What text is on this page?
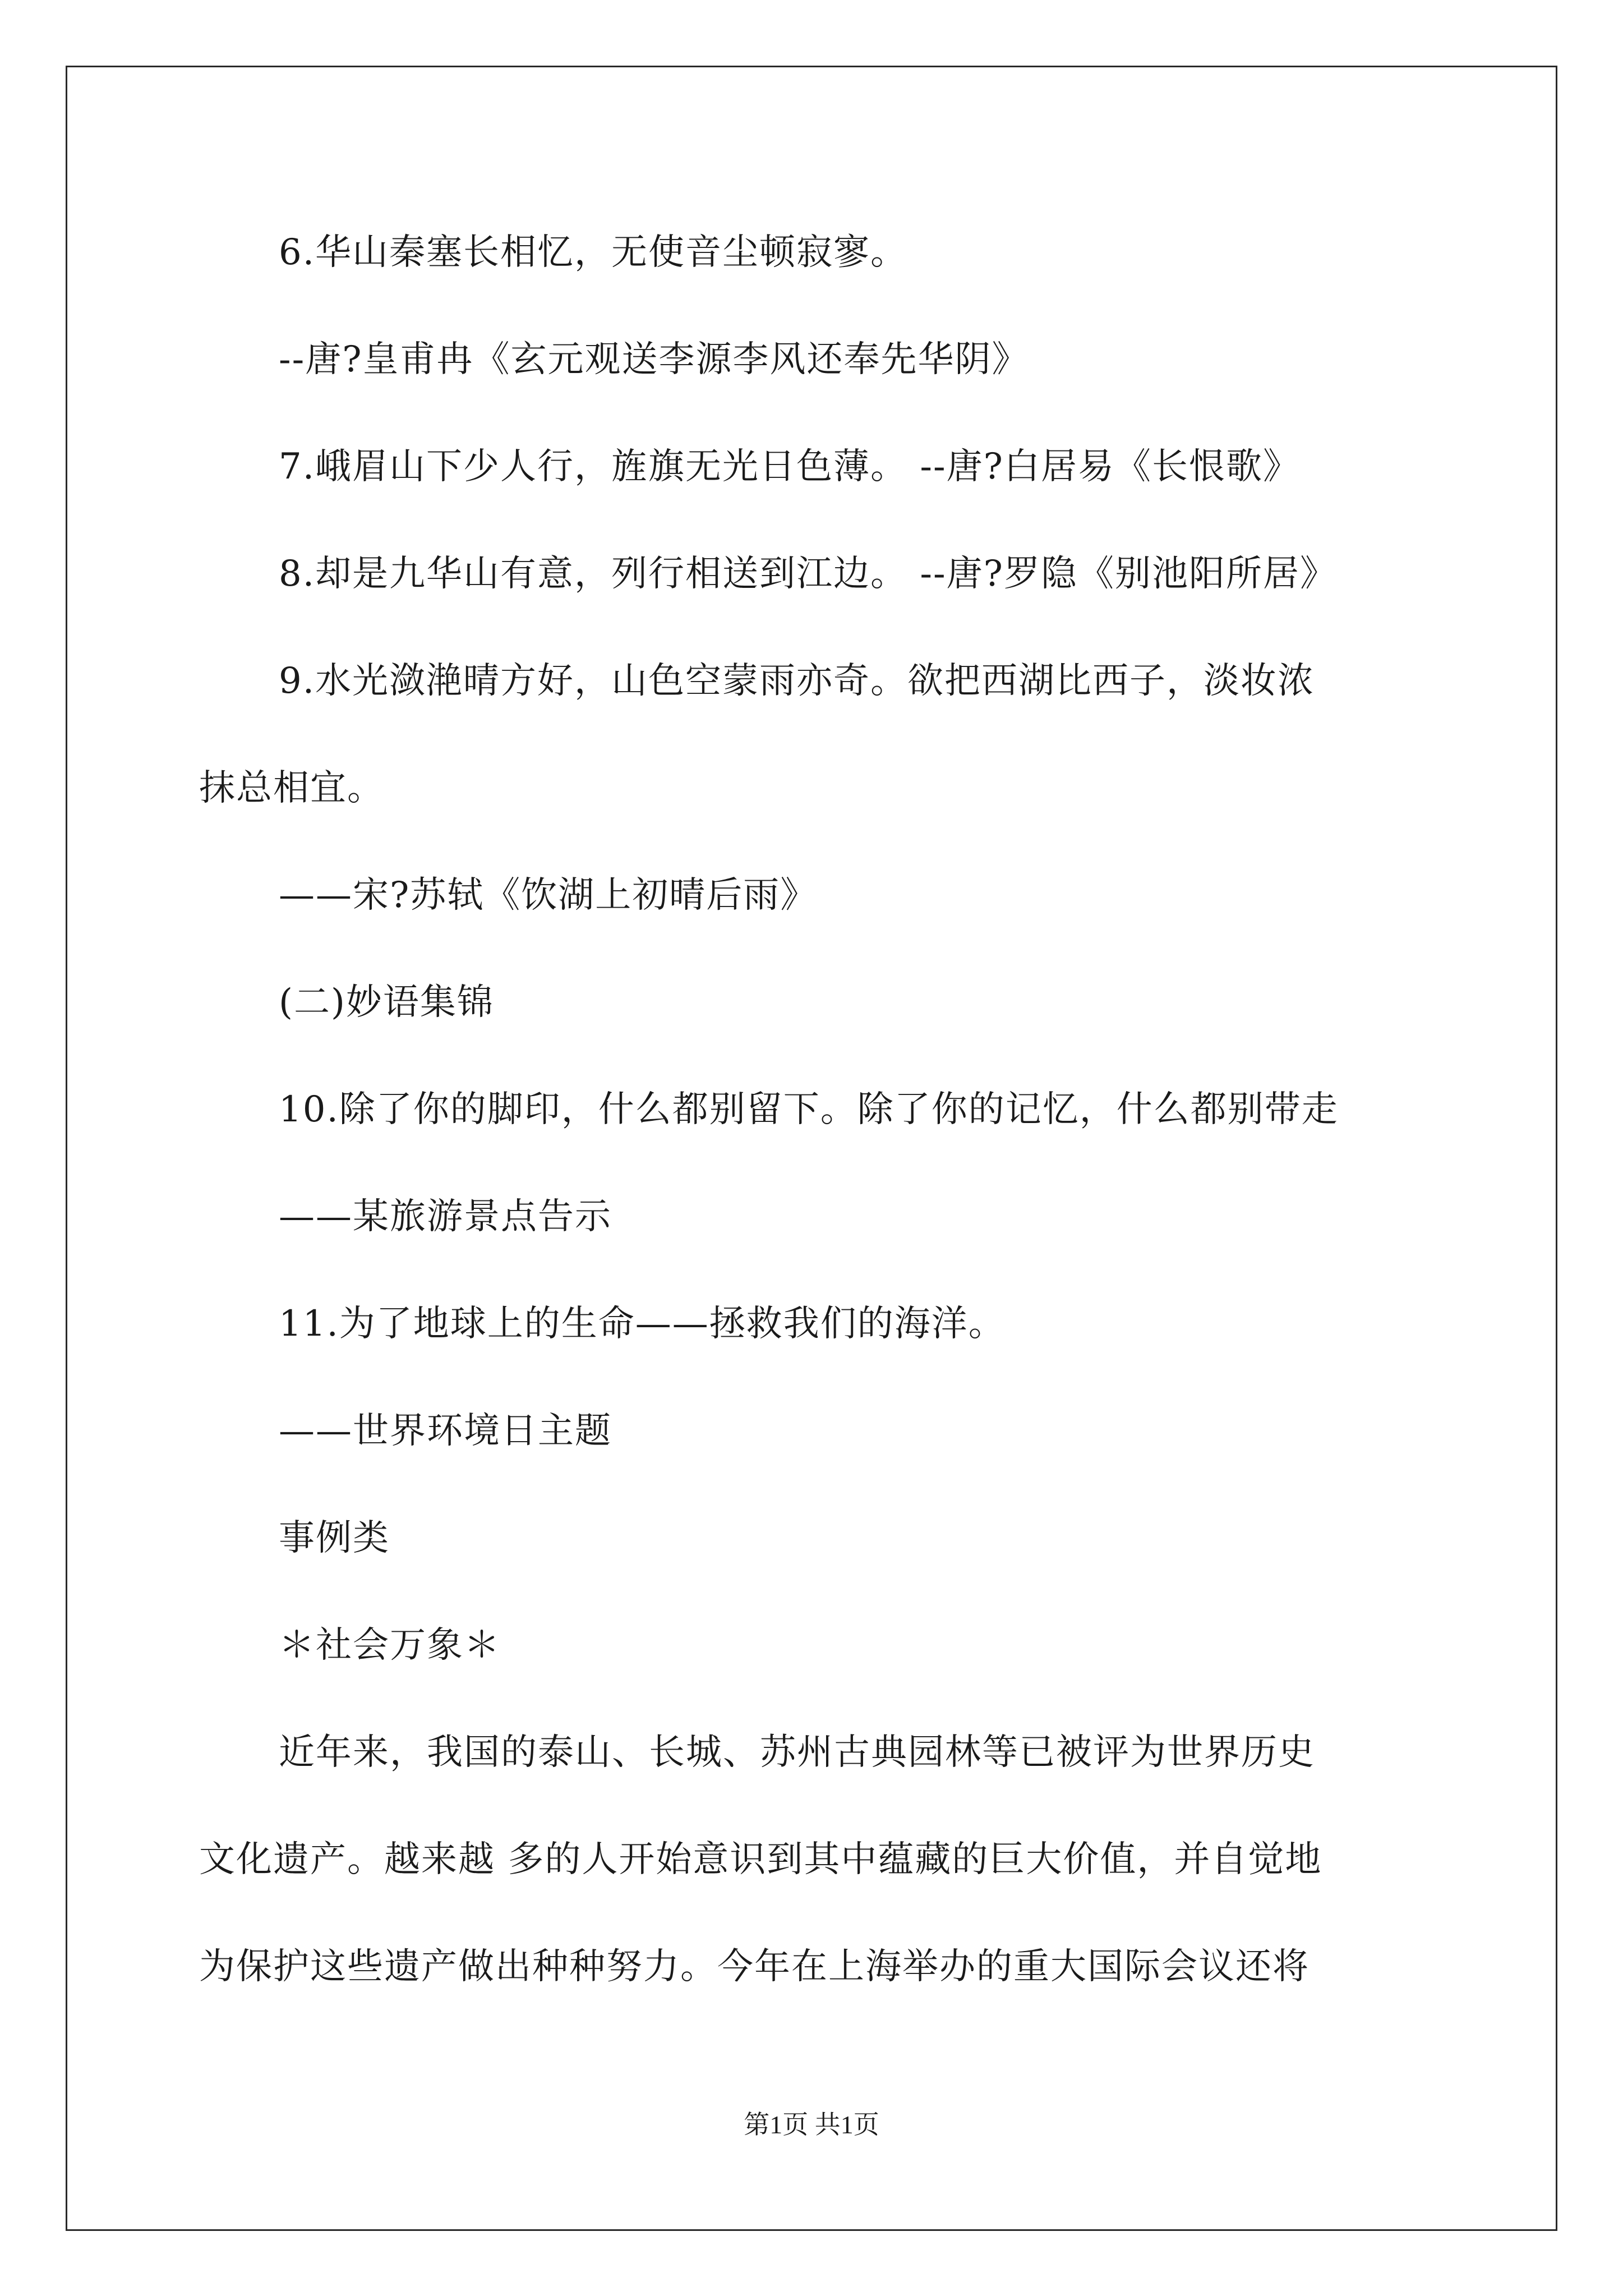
6.华山秦塞长相忆，无使音尘顿寂寥。
--唐?皇甫冉《玄元观送李源李风还奉先华阴》
7.峨眉山下少人行，旌旗无光日色薄。 --唐?白居易《长恨歌》
8.却是九华山有意，列行相送到江边。 --唐?罗隐《别池阳所居》
9.水光潋滟晴方好，山色空蒙雨亦奇。欲把西湖比西子，淡妆浓
抹总相宜。
——宋?苏轼《饮湖上初晴后雨》
(二)妙语集锦
10.除了你的脚印，什么都别留下。除了你的记忆，什么都别带走
——某旅游景点告示
11.为了地球上的生命——拯救我们的海洋。
——世界环境日主题
事例类
＊社会万象＊
近年来，我国的泰山、长城、苏州古典园林等已被评为世界历史
文化遗产。越来越 多的人开始意识到其中蕴藏的巨大价值，并自觉地
为保护这些遗产做出种种努力。今年在上海举办的重大国际会议还将
第1页 共1页
